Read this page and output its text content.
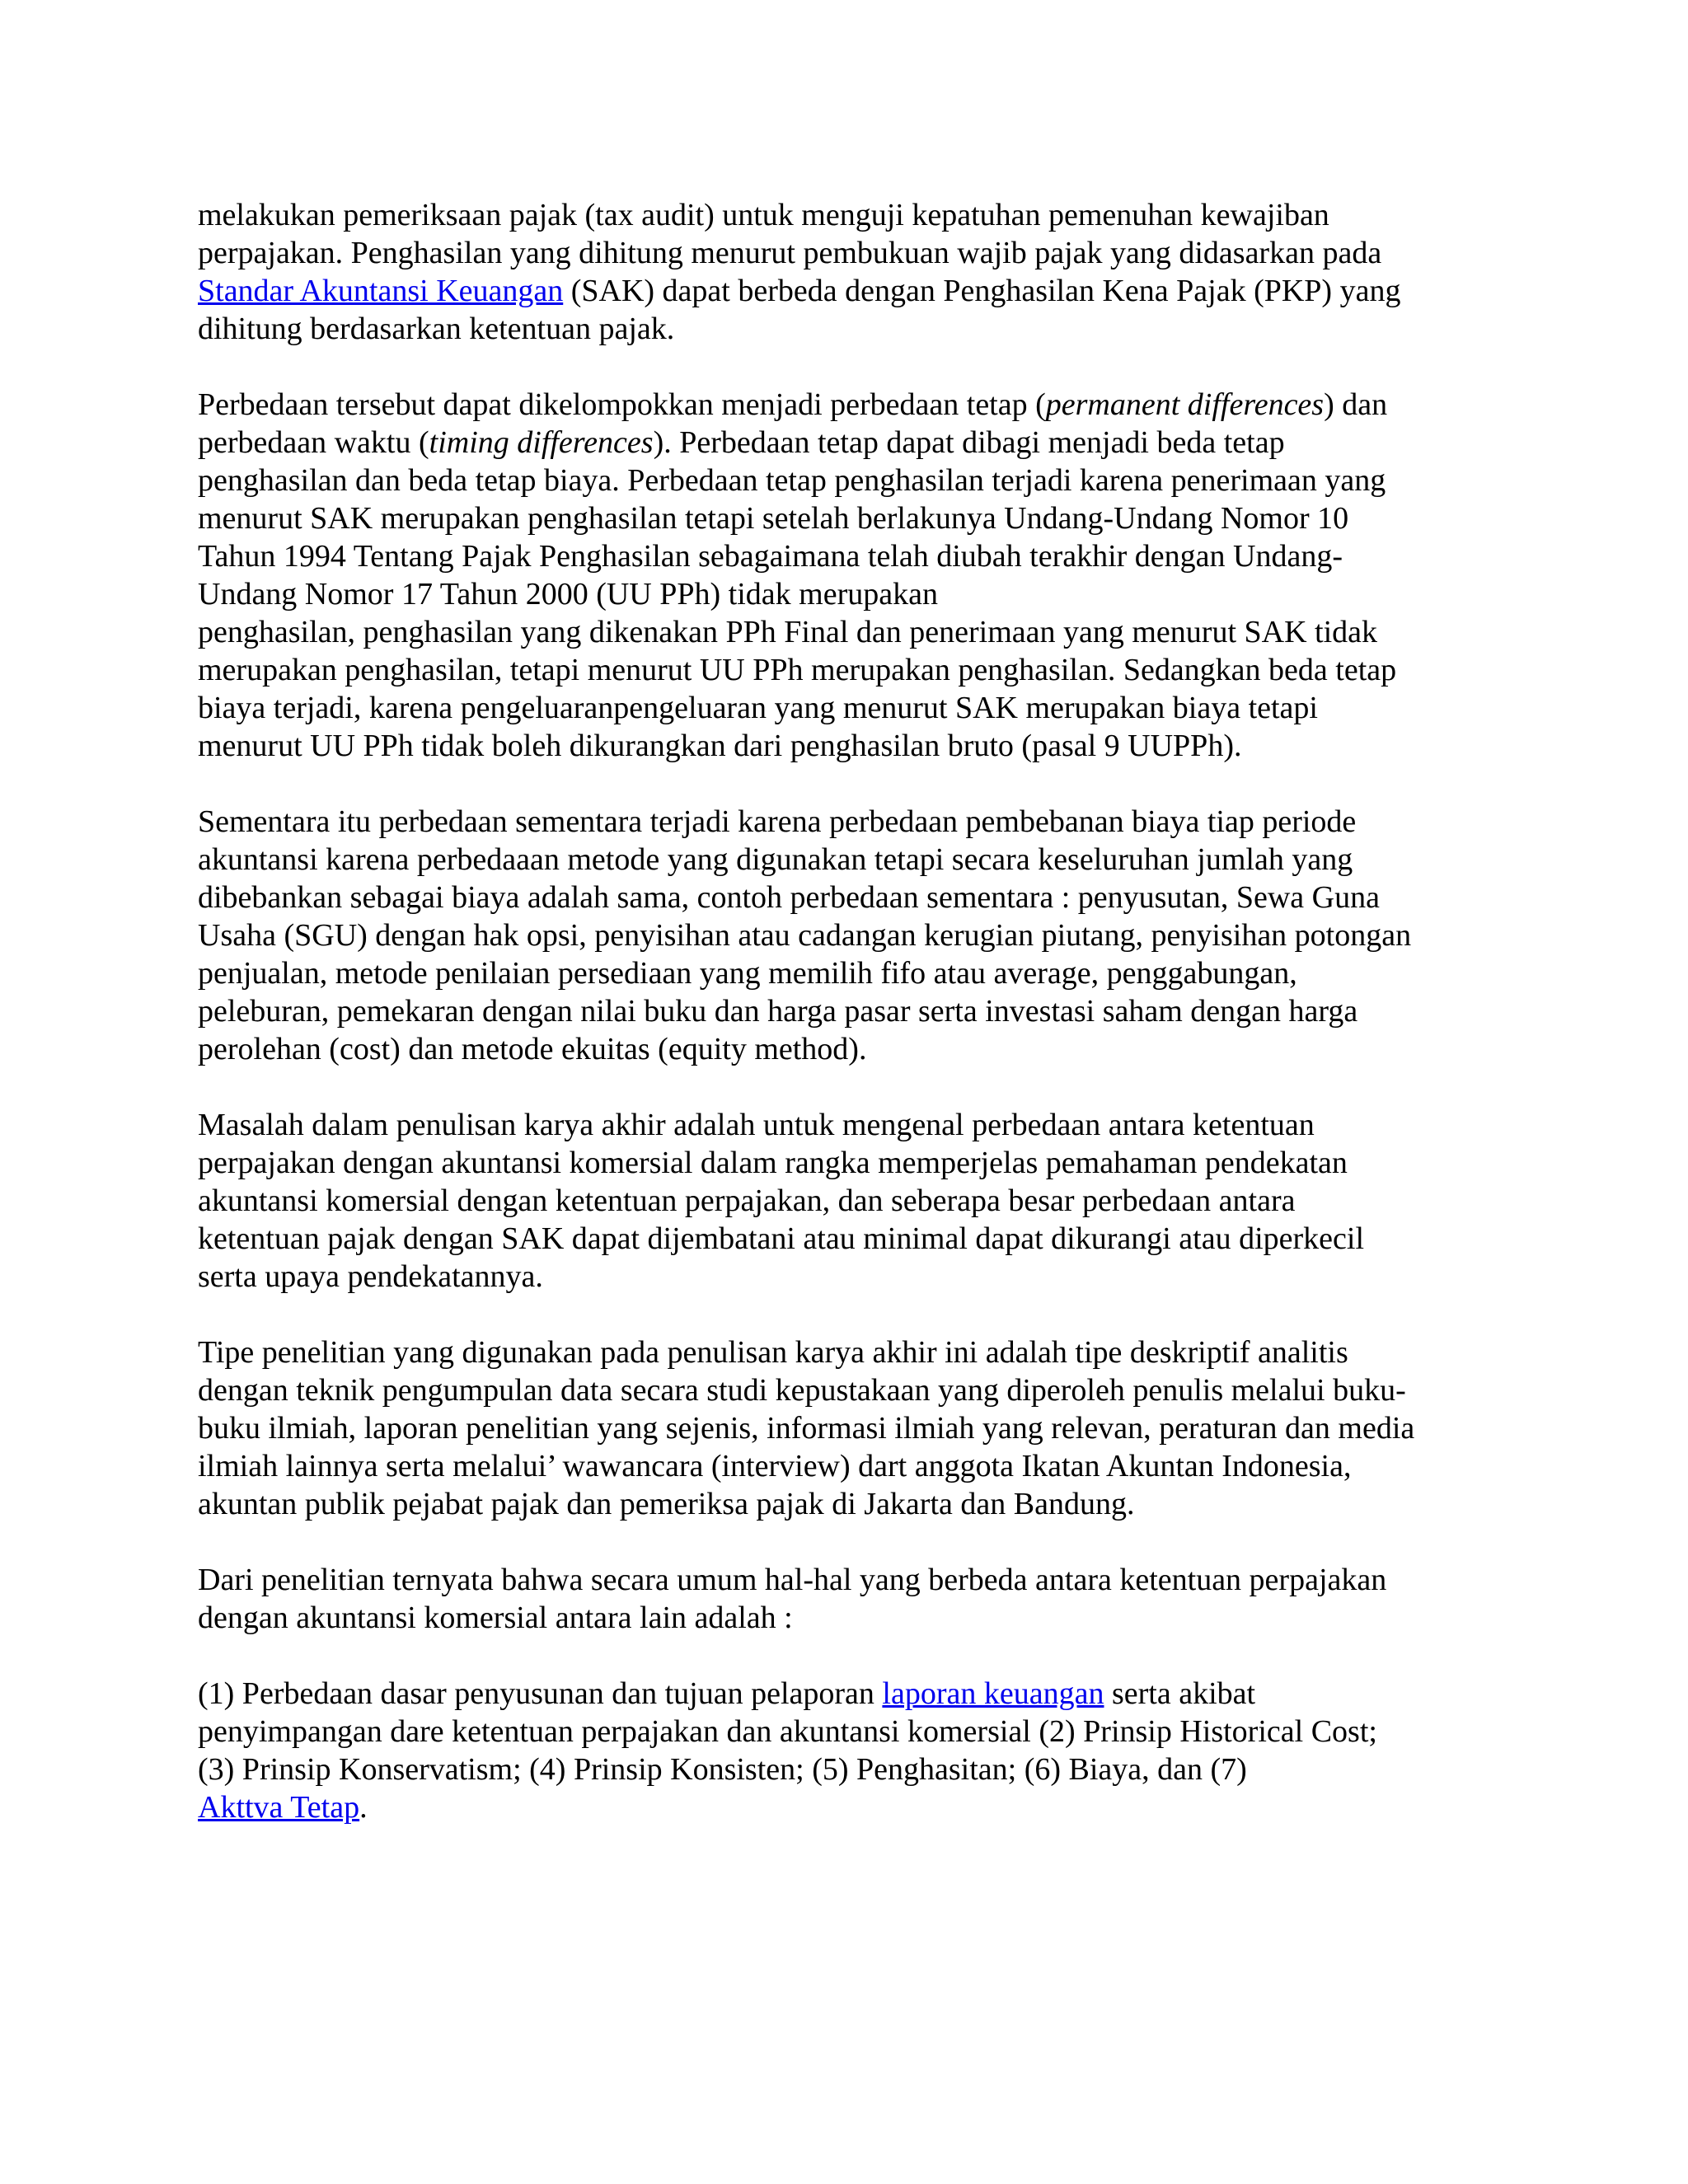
melakukan pemeriksaan pajak (tax audit) untuk menguji kepatuhan pemenuhan kewajiban
perpajakan. Penghasilan yang dihitung menurut pembukuan wajib pajak yang didasarkan pada
Standar Akuntansi Keuangan (SAK) dapat berbeda dengan Penghasilan Kena Pajak (PKP) yang
dihitung berdasarkan ketentuan pajak.

Perbedaan tersebut dapat dikelompokkan menjadi perbedaan tetap (permanent differences) dan
perbedaan waktu (timing differences). Perbedaan tetap dapat dibagi menjadi beda tetap
penghasilan dan beda tetap biaya. Perbedaan tetap penghasilan terjadi karena penerimaan yang
menurut SAK merupakan penghasilan tetapi setelah berlakunya Undang-Undang Nomor 10
Tahun 1994 Tentang Pajak Penghasilan sebagaimana telah diubah terakhir dengan Undang-
Undang Nomor 17 Tahun 2000 (UU PPh) tidak merupakan
penghasilan, penghasilan yang dikenakan PPh Final dan penerimaan yang menurut SAK tidak
merupakan penghasilan, tetapi menurut UU PPh merupakan penghasilan. Sedangkan beda tetap
biaya terjadi, karena pengeluaranpengeluaran yang menurut SAK merupakan biaya tetapi
menurut UU PPh tidak boleh dikurangkan dari penghasilan bruto (pasal 9 UUPPh).

Sementara itu perbedaan sementara terjadi karena perbedaan pembebanan biaya tiap periode
akuntansi karena perbedaaan metode yang digunakan tetapi secara keseluruhan jumlah yang
dibebankan sebagai biaya adalah sama, contoh perbedaan sementara : penyusutan, Sewa Guna
Usaha (SGU) dengan hak opsi, penyisihan atau cadangan kerugian piutang, penyisihan potongan
penjualan, metode penilaian persediaan yang memilih fifo atau average, penggabungan,
peleburan, pemekaran dengan nilai buku dan harga pasar serta investasi saham dengan harga
perolehan (cost) dan metode ekuitas (equity method).

Masalah dalam penulisan karya akhir adalah untuk mengenal perbedaan antara ketentuan
perpajakan dengan akuntansi komersial dalam rangka memperjelas pemahaman pendekatan
akuntansi komersial dengan ketentuan perpajakan, dan seberapa besar perbedaan antara
ketentuan pajak dengan SAK dapat dijembatani atau minimal dapat dikurangi atau diperkecil
serta upaya pendekatannya.

Tipe penelitian yang digunakan pada penulisan karya akhir ini adalah tipe deskriptif analitis
dengan teknik pengumpulan data secara studi kepustakaan yang diperoleh penulis melalui buku-
buku ilmiah, laporan penelitian yang sejenis, informasi ilmiah yang relevan, peraturan dan media
ilmiah lainnya serta melalui’ wawancara (interview) dart anggota Ikatan Akuntan Indonesia,
akuntan publik pejabat pajak dan pemeriksa pajak di Jakarta dan Bandung.

Dari penelitian ternyata bahwa secara umum hal-hal yang berbeda antara ketentuan perpajakan
dengan akuntansi komersial antara lain adalah :

(1) Perbedaan dasar penyusunan dan tujuan pelaporan laporan keuangan serta akibat
penyimpangan dare ketentuan perpajakan dan akuntansi komersial (2) Prinsip Historical Cost;
(3) Prinsip Konservatism; (4) Prinsip Konsisten; (5) Penghasitan; (6) Biaya, dan (7)
Akttva Tetap.
